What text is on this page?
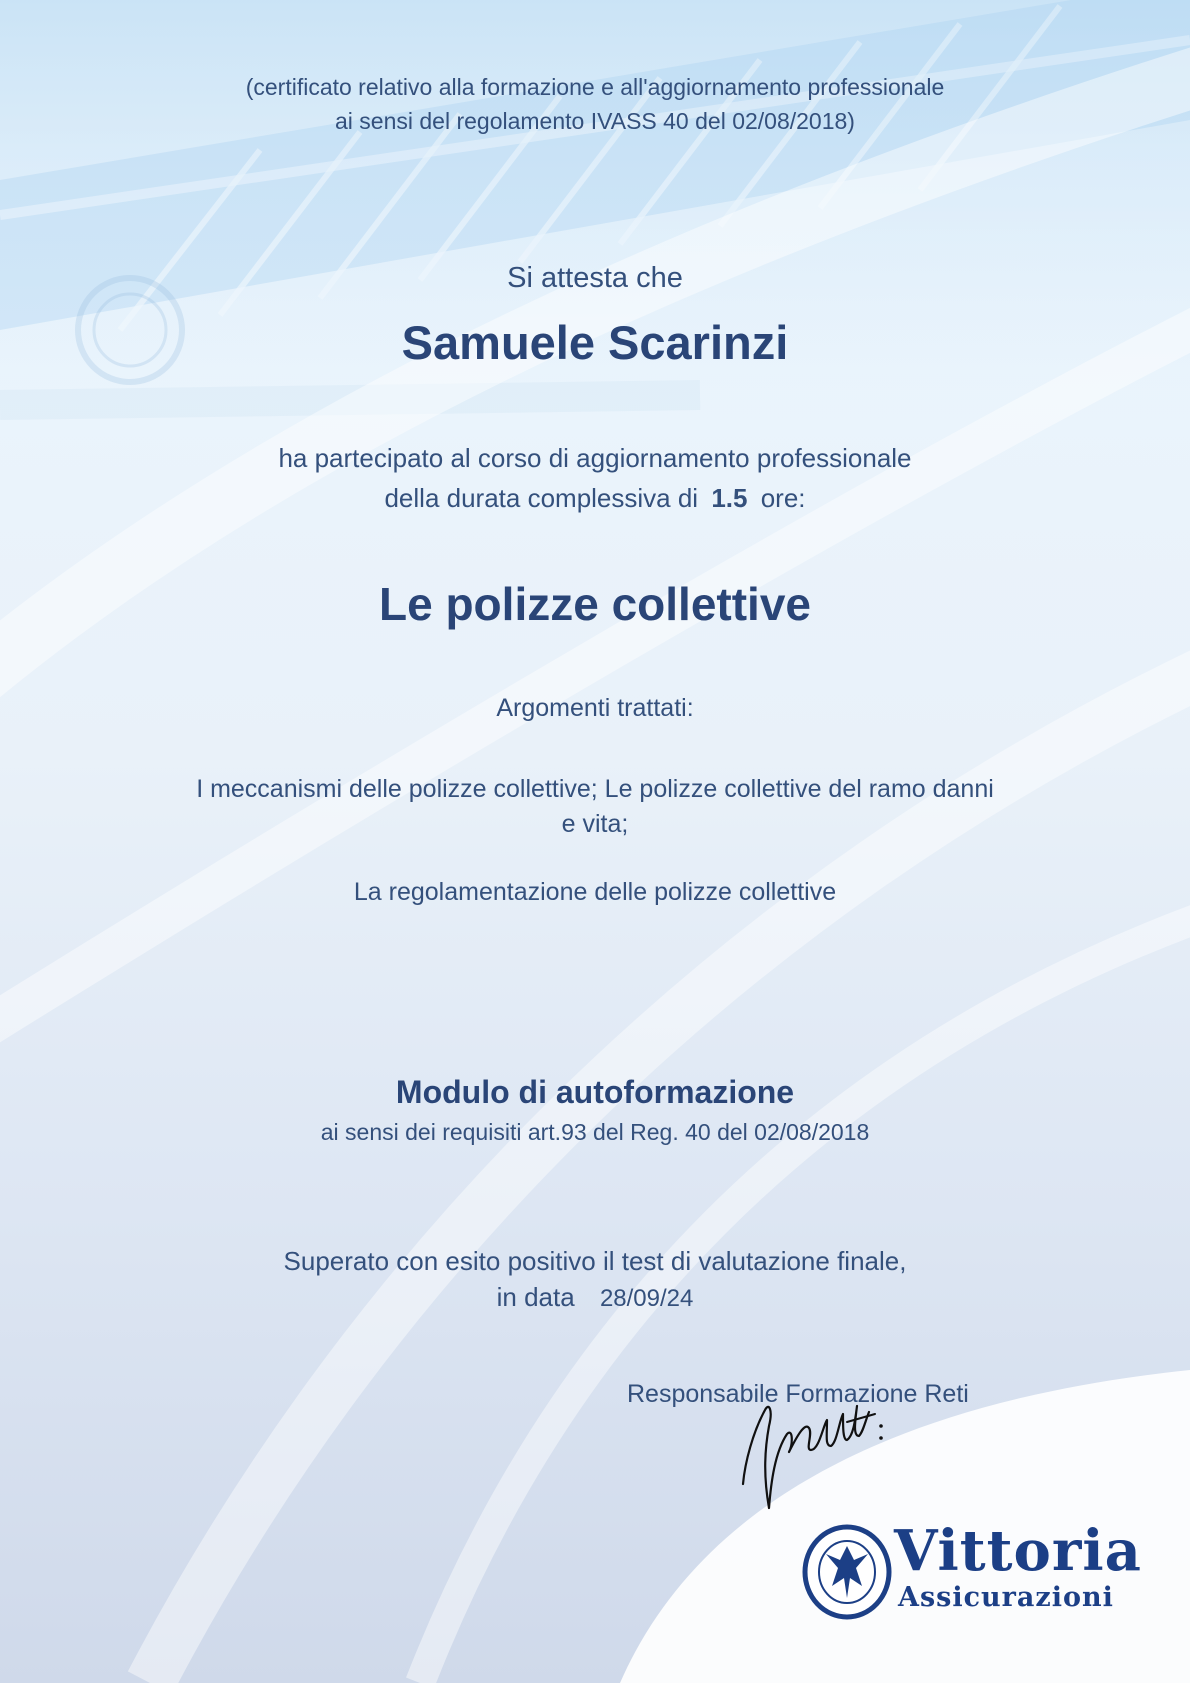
(certificato relativo alla formazione e all'aggiornamento professionale
ai sensi del regolamento IVASS 40 del 02/08/2018)
Si attesta che
Samuele Scarinzi
ha partecipato al corso di aggiornamento professionale
della durata complessiva di 1.5 ore:
Le polizze collettive
Argomenti trattati:
I meccanismi delle polizze collettive; Le polizze collettive del ramo danni
e vita;
La regolamentazione delle polizze collettive
Modulo di autoformazione
ai sensi dei requisiti art.93 del Reg. 40 del 02/08/2018
Superato con esito positivo il test di valutazione finale,
in data 28/09/24
Responsabile Formazione Reti
Vittoria
Assicurazioni
